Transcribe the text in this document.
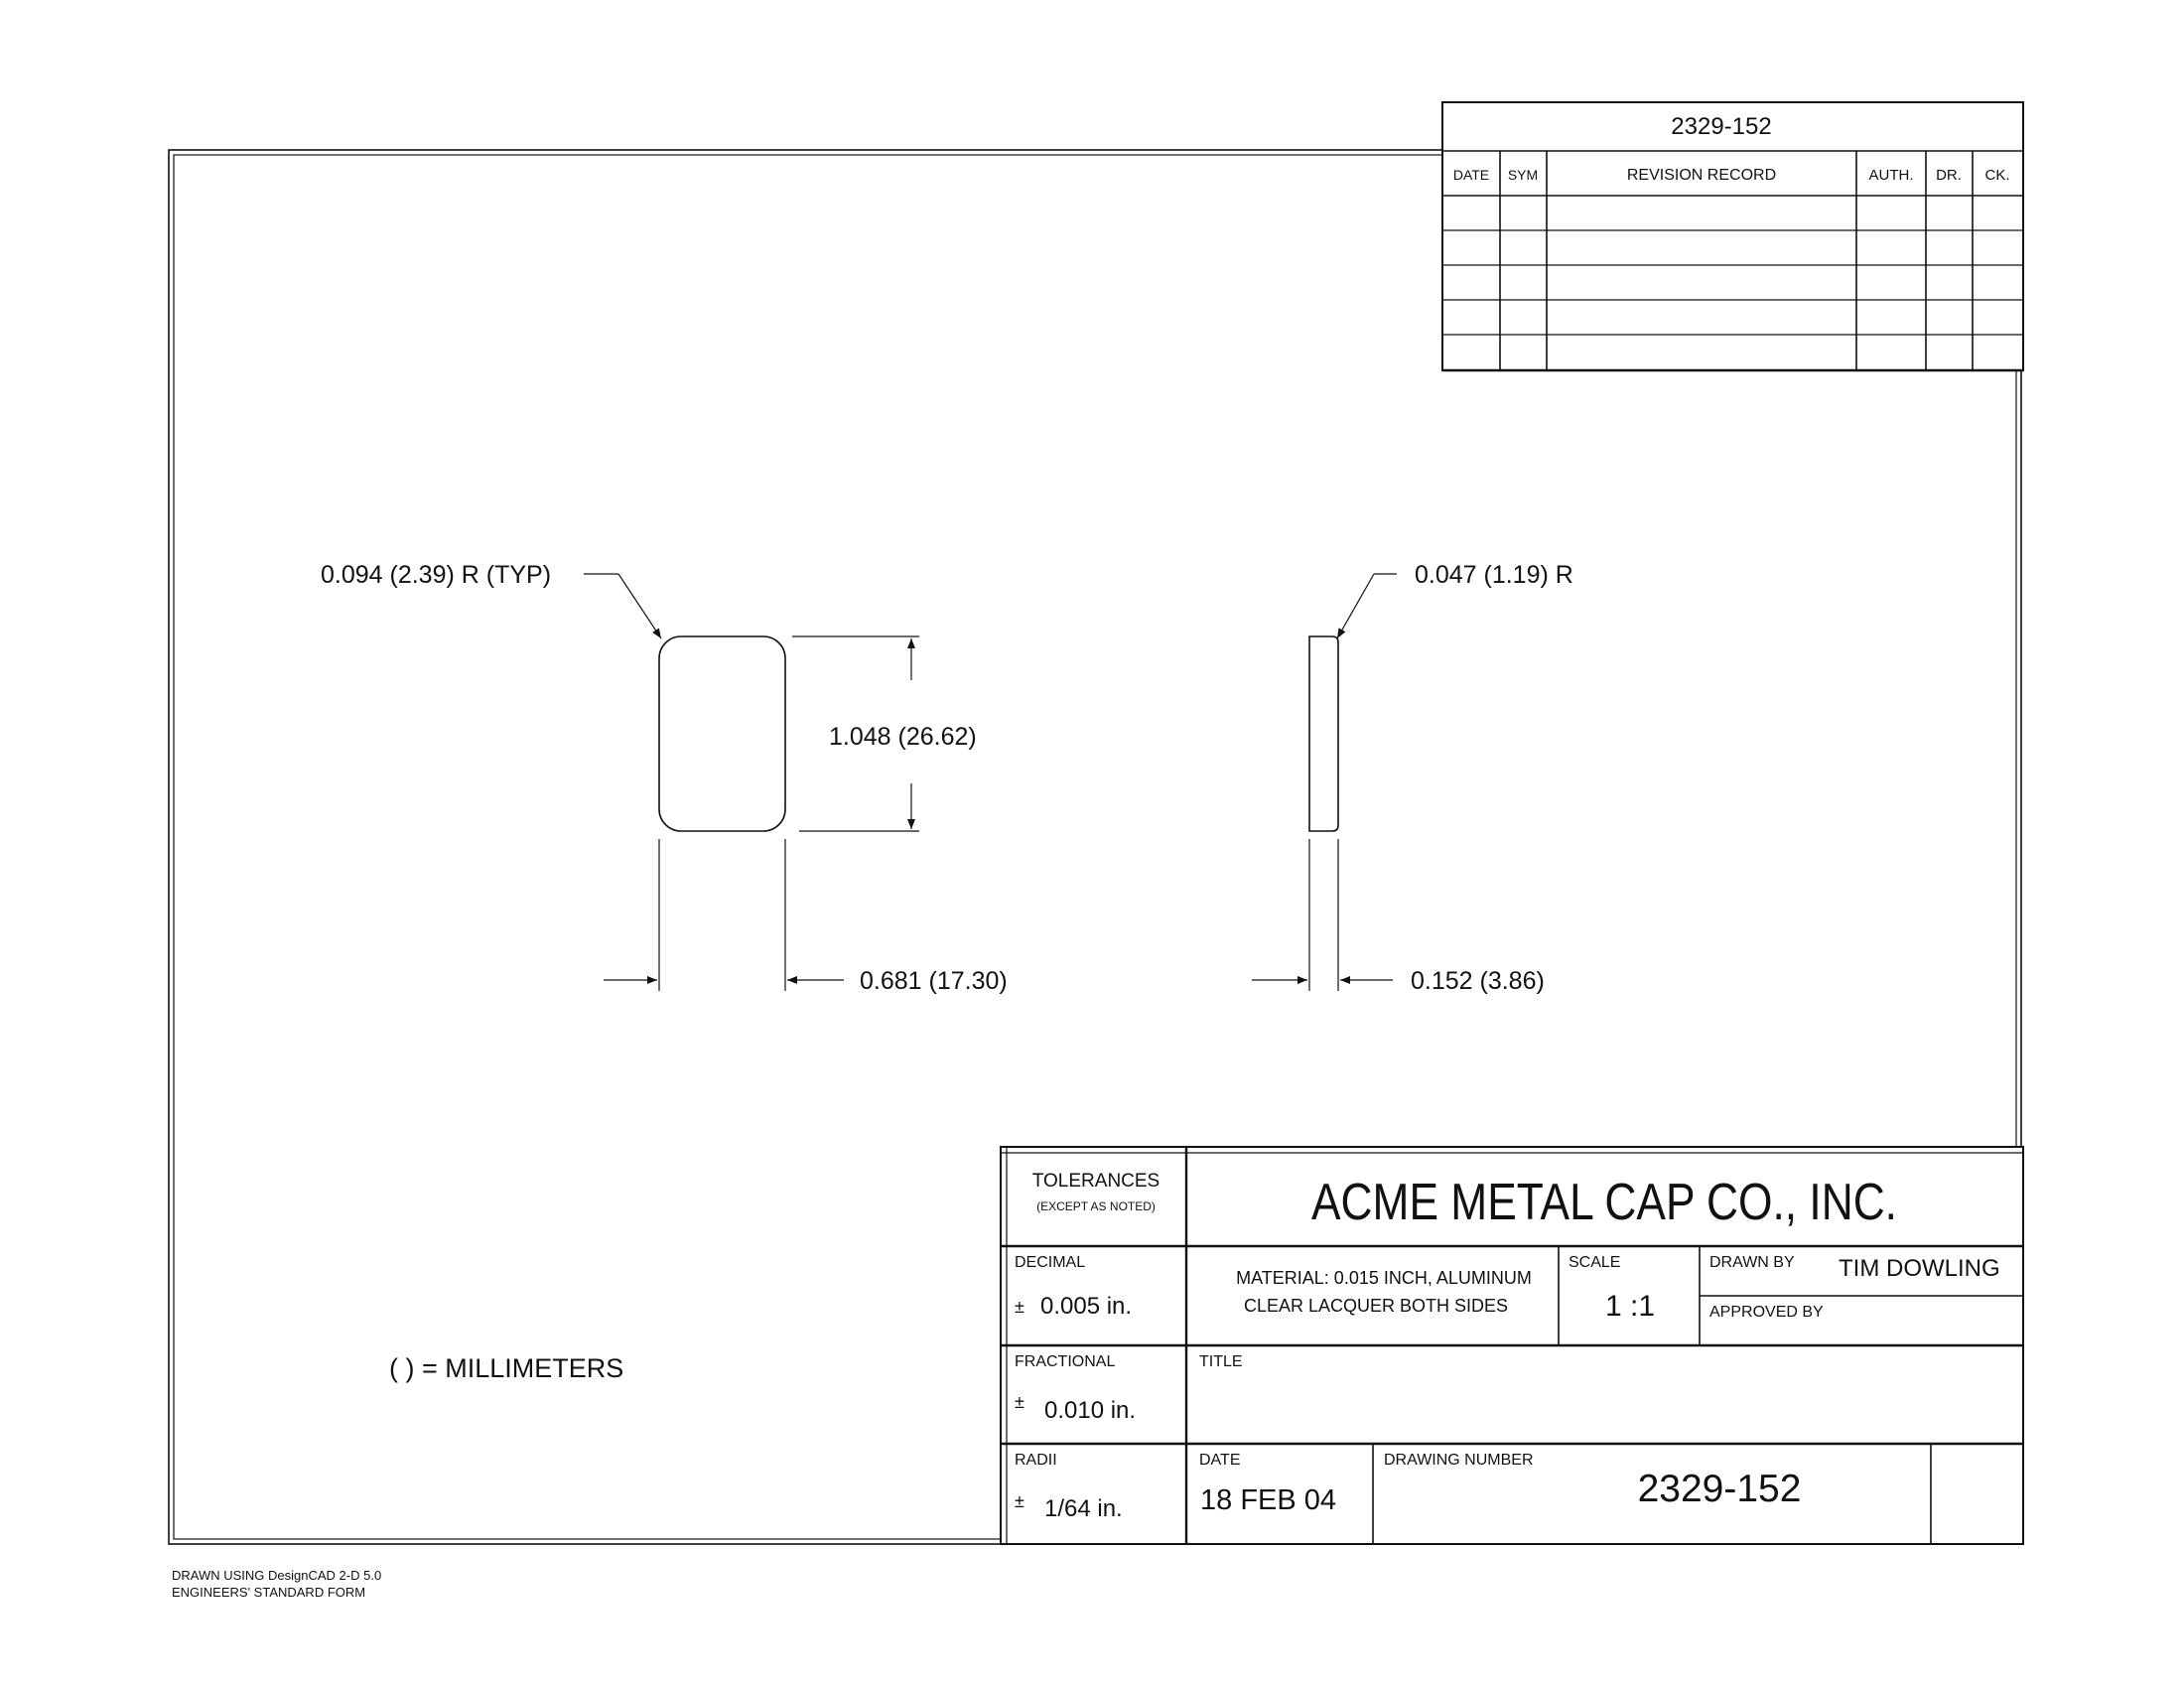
2329-152
DATE SYM	REVISION RECORD	AUTH. DR. CK.
0.094 (2.39) R (TYP)
1.048 (26.62)
0.681 (17.30)
0.047 (1.19) R
0.152 (3.86)
( ) = MILLIMETERS
TOLERANCES
(EXCEPT AS NOTED)	ACME METAL CAP CO., INC.
DECIMAL
± 0.005 in.
MATERIAL: 0.015 INCH, ALUMINUM
CLEAR LACQUER BOTH SIDES
SCALE
1 :1
DRAWN BY TIM DOWLING
APPROVED BY
FRACTIONAL
± 0.010 in.
TITLE
RADII
± 1/64 in.
DATE
18 FEB 04
DRAWING NUMBER
2329-152
DRAWN USING DesignCAD 2-D 5.0
ENGINEERS' STANDARD FORM
